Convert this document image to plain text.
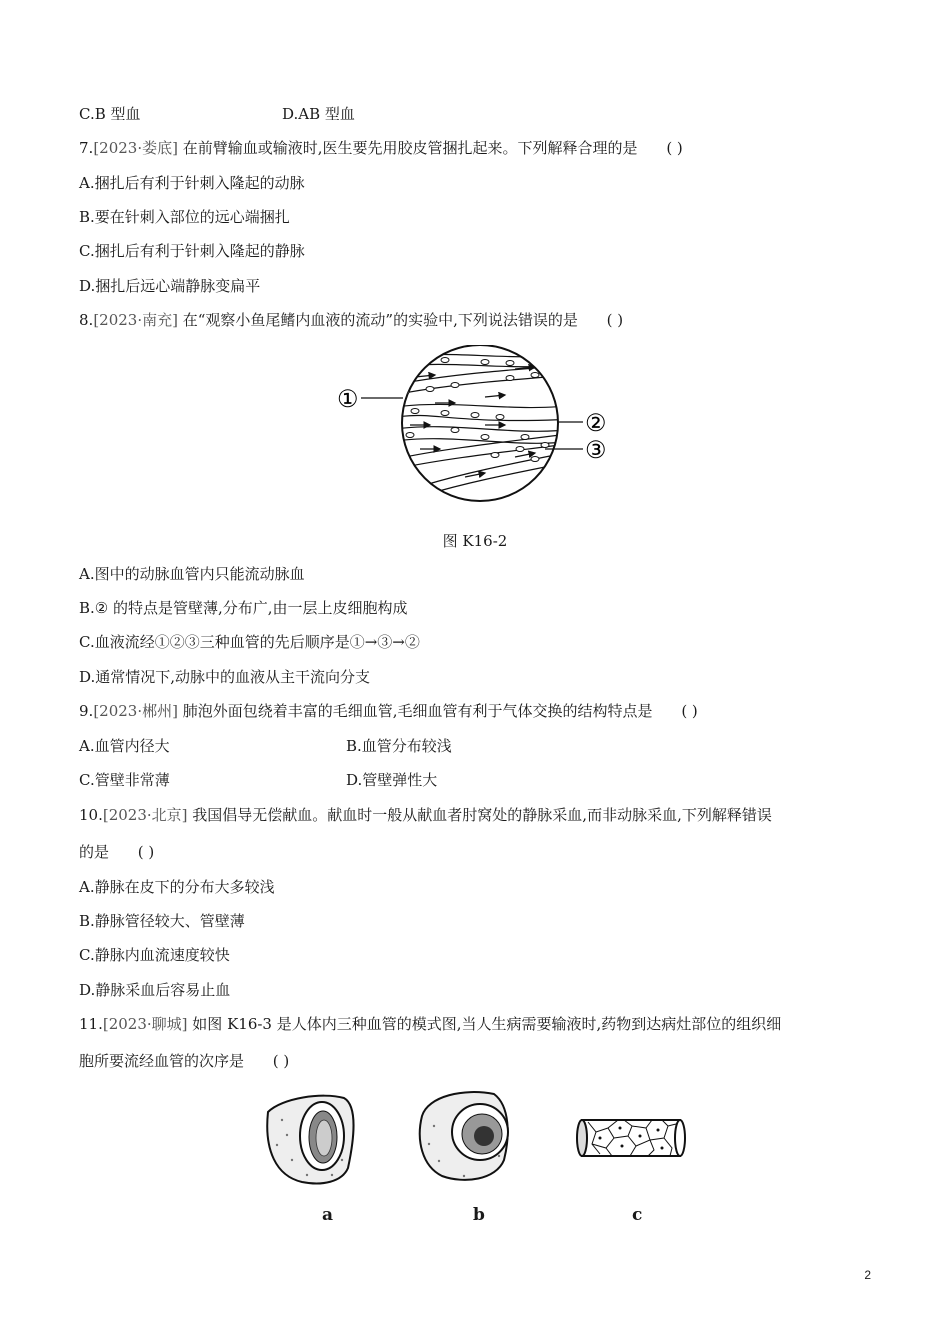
C.B 型血	D.AB 型血
7.[2023·娄底] 在前臂输血或输液时,医生要先用胶皮管捆扎起来。下列解释合理的是 ( )
A.捆扎后有利于针刺入隆起的动脉
B.要在针刺入部位的远心端捆扎
C.捆扎后有利于针刺入隆起的静脉
D.捆扎后远心端静脉变扁平
8.[2023·南充] 在“观察小鱼尾鳍内血液的流动”的实验中,下列说法错误的是 ( )
①
②
③
图 K16-2
A.图中的动脉血管内只能流动脉血
B.② 的特点是管壁薄,分布广,由一层上皮细胞构成
C.血液流经①②③三种血管的先后顺序是①→③→②
D.通常情况下,动脉中的血液从主干流向分支
9.[2023·郴州] 肺泡外面包绕着丰富的毛细血管,毛细血管有利于气体交换的结构特点是 ( )
A.血管内径大	B.血管分布较浅
C.管壁非常薄	D.管壁弹性大
10.[2023·北京] 我国倡导无偿献血。献血时一般从献血者肘窝处的静脉采血,而非动脉采血,下列解释错误
的是 ( )
A.静脉在皮下的分布大多较浅
B.静脉管径较大、管壁薄
C.静脉内血流速度较快
D.静脉采血后容易止血
11.[2023·聊城] 如图 K16-3 是人体内三种血管的模式图,当人生病需要输液时,药物到达病灶部位的组织细
胞所要流经血管的次序是 ( )
a	b	c
2
